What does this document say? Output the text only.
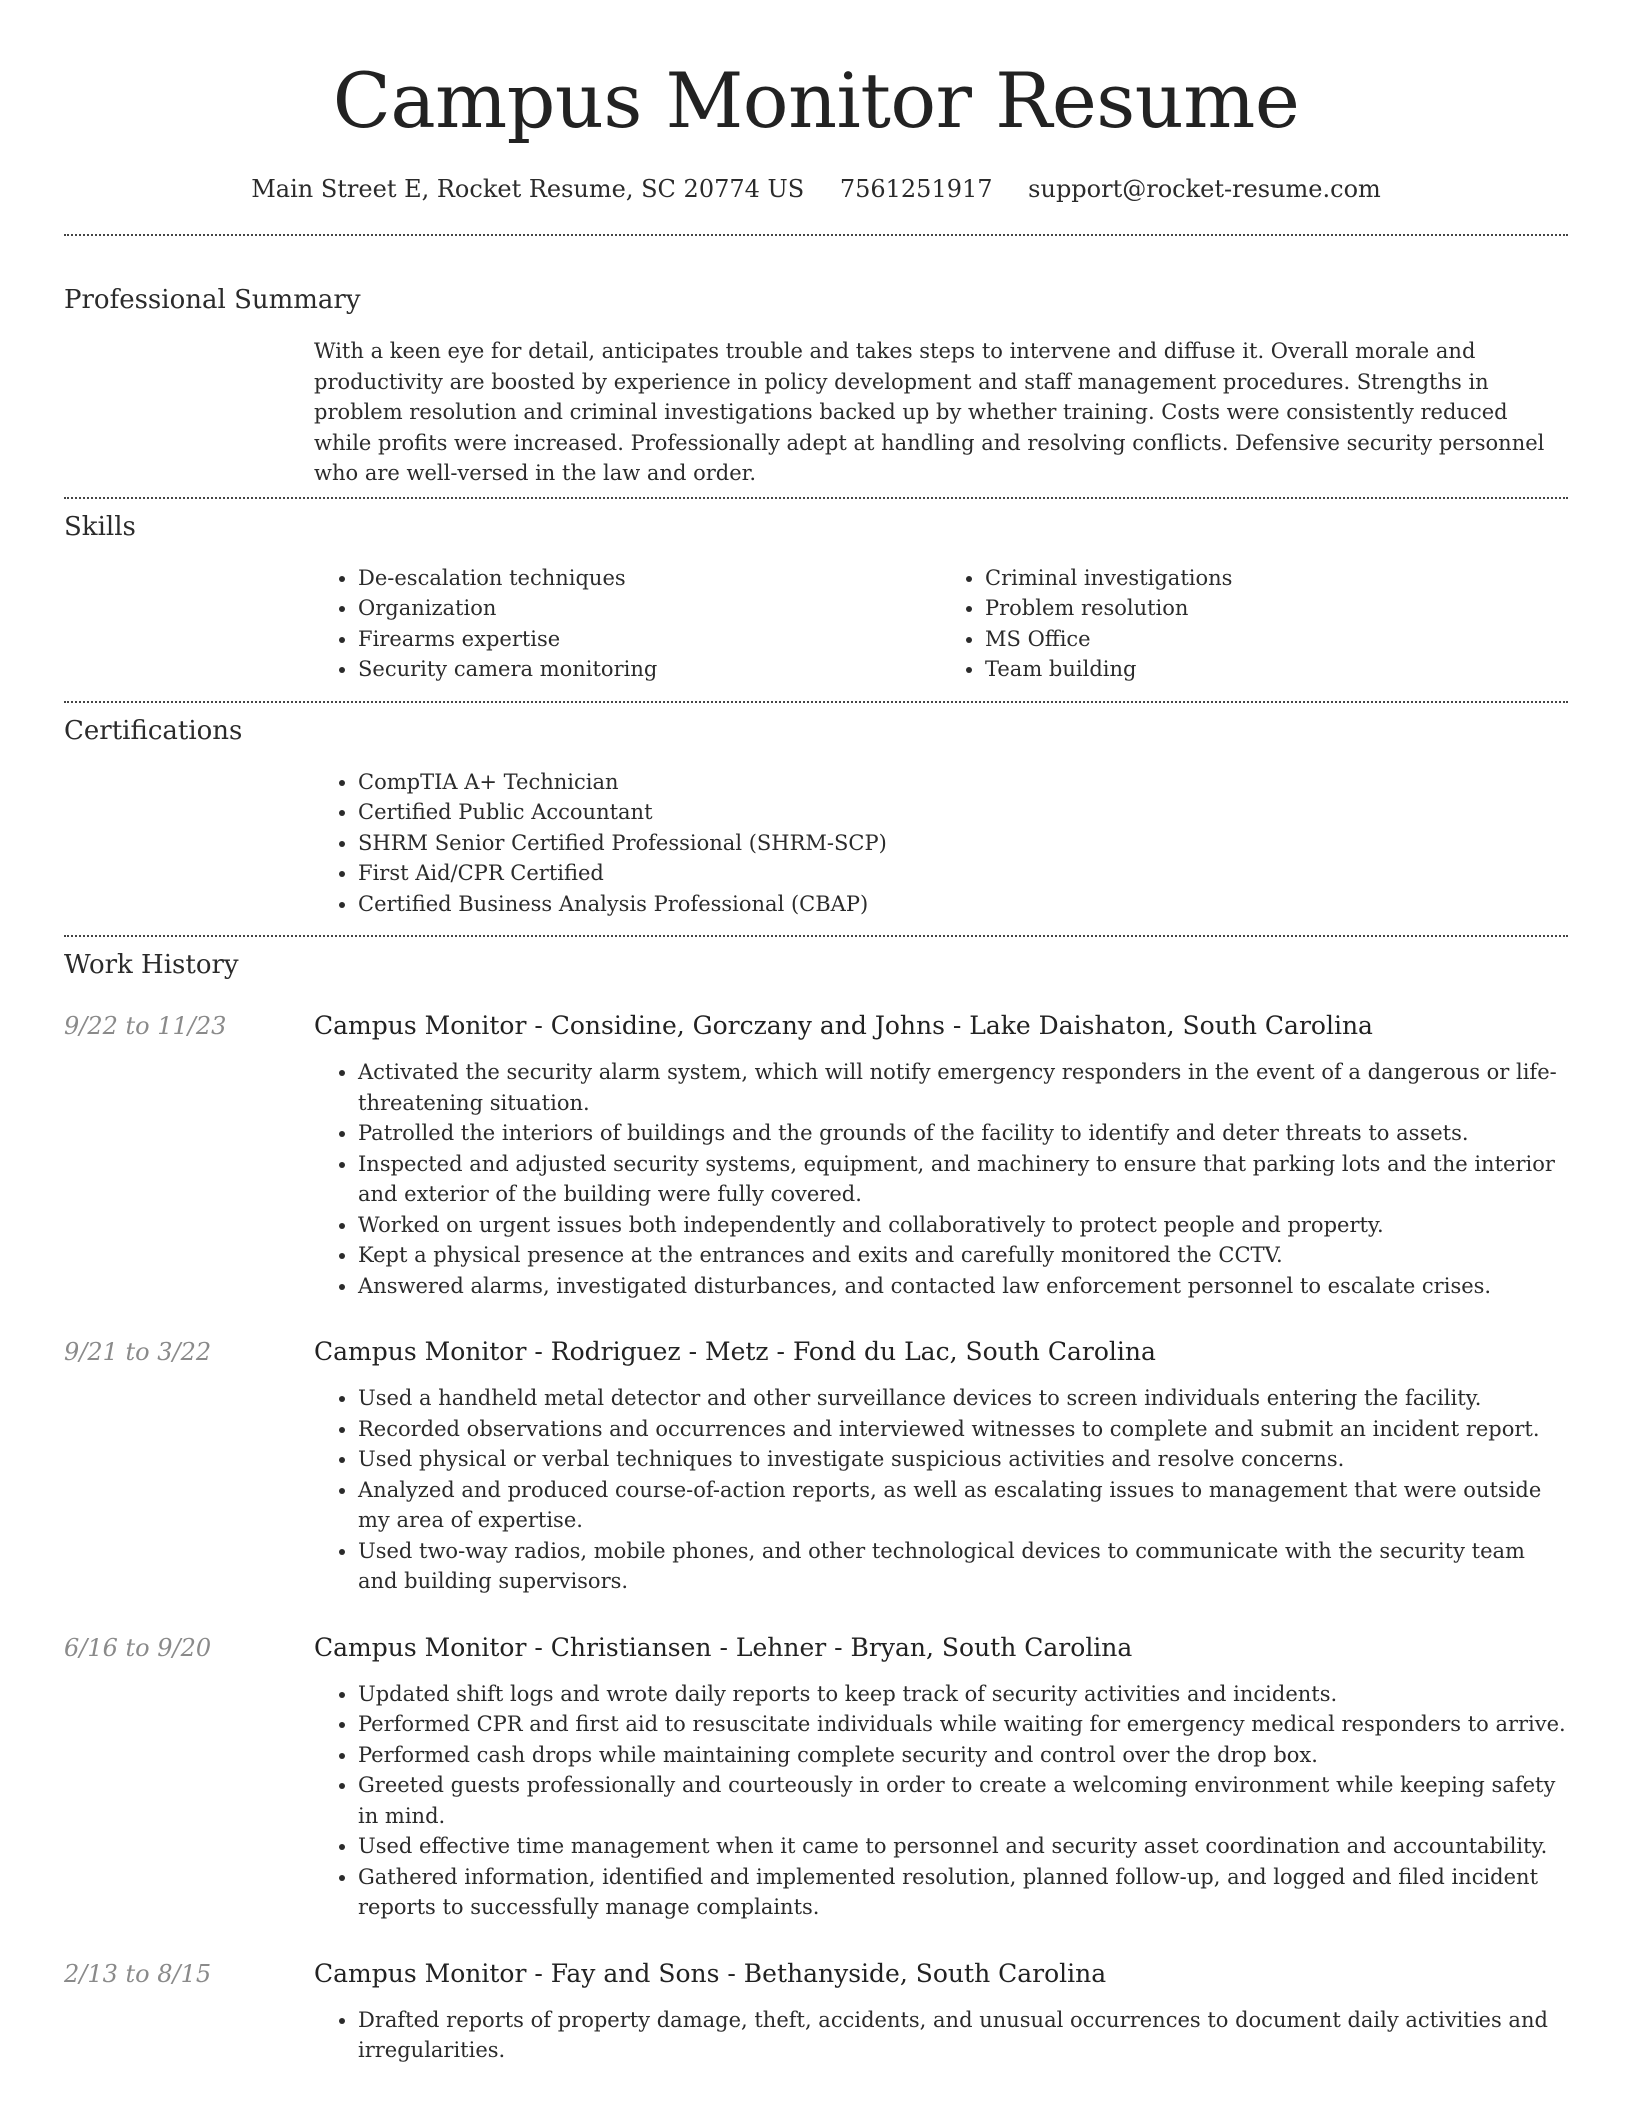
Campus Monitor Resume
Main Street E, Rocket Resume, SC 20774 US 7561251917 support@rocket-resume.com
Professional Summary

With a keen eye for detail, anticipates trouble and takes steps to intervene and diffuse it. Overall morale and productivity are boosted by experience in policy development and staff management procedures. Strengths in problem resolution and criminal investigations backed up by whether training. Costs were consistently reduced while profits were increased. Professionally adept at handling and resolving conflicts. Defensive security personnel who are well-versed in the law and order.

Skills
• De-escalation techniques
• Organization
• Firearms expertise
• Security camera monitoring
• Criminal investigations
• Problem resolution
• MS Office
• Team building
Certifications
• CompTIA A+ Technician
• Certified Public Accountant
• SHRM Senior Certified Professional (SHRM-SCP)
• First Aid/CPR Certified
• Certified Business Analysis Professional (CBAP)
Work History
9/22 to 11/23	Campus Monitor - Considine, Gorczany and Johns - Lake Daishaton, South Carolina
• Activated the security alarm system, which will notify emergency responders in the event of a dangerous or life-threatening situation.
• Patrolled the interiors of buildings and the grounds of the facility to identify and deter threats to assets.
• Inspected and adjusted security systems, equipment, and machinery to ensure that parking lots and the interior and exterior of the building were fully covered.
• Worked on urgent issues both independently and collaboratively to protect people and property.
• Kept a physical presence at the entrances and exits and carefully monitored the CCTV.
• Answered alarms, investigated disturbances, and contacted law enforcement personnel to escalate crises.
9/21 to 3/22	Campus Monitor - Rodriguez - Metz - Fond du Lac, South Carolina
• Used a handheld metal detector and other surveillance devices to screen individuals entering the facility.
• Recorded observations and occurrences and interviewed witnesses to complete and submit an incident report.
• Used physical or verbal techniques to investigate suspicious activities and resolve concerns.
• Analyzed and produced course-of-action reports, as well as escalating issues to management that were outside my area of expertise.
• Used two-way radios, mobile phones, and other technological devices to communicate with the security team and building supervisors.
6/16 to 9/20	Campus Monitor - Christiansen - Lehner - Bryan, South Carolina
• Updated shift logs and wrote daily reports to keep track of security activities and incidents.
• Performed CPR and first aid to resuscitate individuals while waiting for emergency medical responders to arrive.
• Performed cash drops while maintaining complete security and control over the drop box.
• Greeted guests professionally and courteously in order to create a welcoming environment while keeping safety in mind.
• Used effective time management when it came to personnel and security asset coordination and accountability.
• Gathered information, identified and implemented resolution, planned follow-up, and logged and filed incident reports to successfully manage complaints.
2/13 to 8/15	Campus Monitor - Fay and Sons - Bethanyside, South Carolina
• Drafted reports of property damage, theft, accidents, and unusual occurrences to document daily activities and irregularities.
